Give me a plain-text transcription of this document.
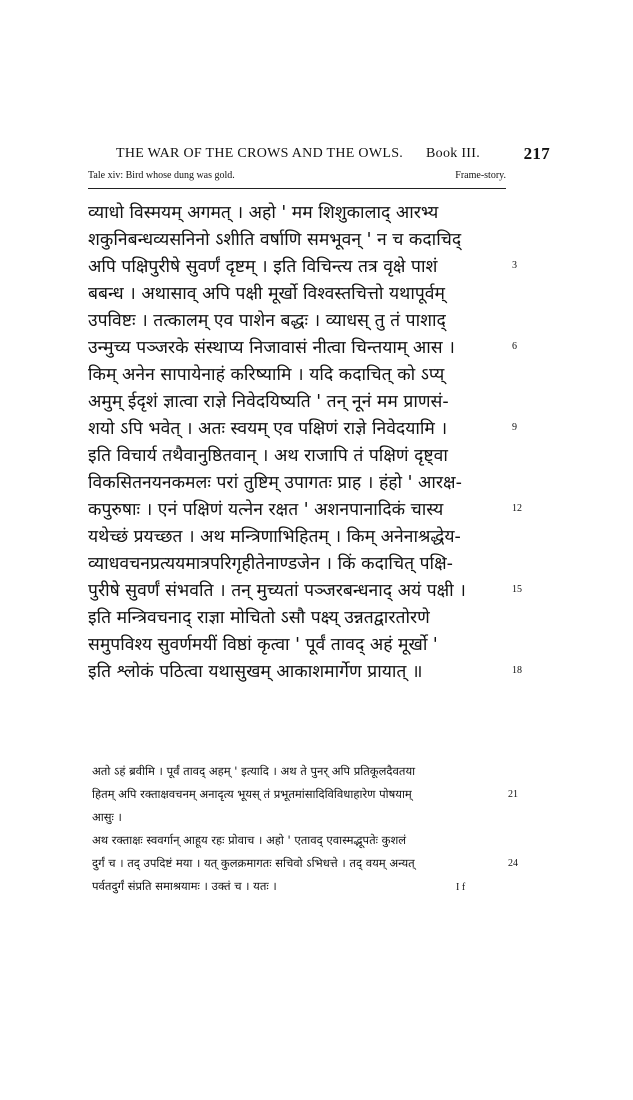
THE WAR OF THE CROWS AND THE OWLS. Book III.	217
Tale xiv: Bird whose dung was gold.	Frame-story.
व्याधो विस्मयम् अगमत् । अहो ' मम शिशुकालाद् आरभ्य
शकुनिबन्धव्यसनिनो ऽशीति वर्षाणि समभूवन् ' न च कदाचिद्
अपि पक्षिपुरीषे सुवर्णं दृष्टम् । इति विचिन्त्य तत्र वृक्षे पाशं
बबन्ध । अथासाव् अपि पक्षी मूर्खो विश्वस्तचित्तो यथापूर्वम्
उपविष्टः । तत्कालम् एव पाशेन बद्धः । व्याधस् तु तं पाशाद्
उन्मुच्य पञ्जरके संस्थाप्य निजावासं नीत्वा चिन्तयाम् आस ।
किम् अनेन सापायेनाहं करिष्यामि । यदि कदाचित् को ऽप्य्
अमुम् ईदृशं ज्ञात्वा राज्ञे निवेदयिष्यति ' तन् नूनं मम प्राणसं-
शयो ऽपि भवेत् । अतः स्वयम् एव पक्षिणं राज्ञे निवेदयामि ।
इति विचार्य तथैवानुष्ठितवान् । अथ राजापि तं पक्षिणं दृष्ट्वा
विकसितनयनकमलः परां तुष्टिम् उपागतः प्राह । हंहो ' आरक्ष-
कपुरुषाः । एनं पक्षिणं यत्नेन रक्षत ' अशनपानादिकं चास्य
यथेच्छं प्रयच्छत । अथ मन्त्रिणाभिहितम् । किम् अनेनाश्रद्धेय-
व्याधवचनप्रत्ययमात्रपरिगृहीतेनाण्डजेन । किं कदाचित् पक्षि-
पुरीषे सुवर्णं संभवति । तन् मुच्यतां पञ्जरबन्धनाद् अयं पक्षी ।
इति मन्त्रिवचनाद् राज्ञा मोचितो ऽसौ पक्ष्य् उन्नतद्वारतोरणे
समुपविश्य सुवर्णमयीं विष्ठां कृत्वा ' पूर्वं तावद् अहं मूर्खो '
इति श्लोकं पठित्वा यथासुखम् आकाशमार्गेण प्रायात् ॥
3
6
9
12
15
18
अतो ऽहं ब्रवीमि । पूर्वं तावद् अहम् ' इत्यादि । अथ ते पुनर् अपि प्रतिकूलदैवतया
हितम् अपि रक्ताक्षवचनम् अनादृत्य भूयस् तं प्रभूतमांसादिविविधाहारेण पोषयाम्
आसुः ।
अथ रक्ताक्षः स्ववर्गान् आहूय रहः प्रोवाच । अहो ' एतावद् एवास्मद्भूपतेः कुशलं
दुर्गं च । तद् उपदिष्टं मया । यत् कुलक्रमागतः सचिवो ऽभिधत्ते । तद् वयम् अन्यत्
पर्वतदुर्गं संप्रति समाश्रयामः । उक्तं च । यतः ।
21
24
I f
